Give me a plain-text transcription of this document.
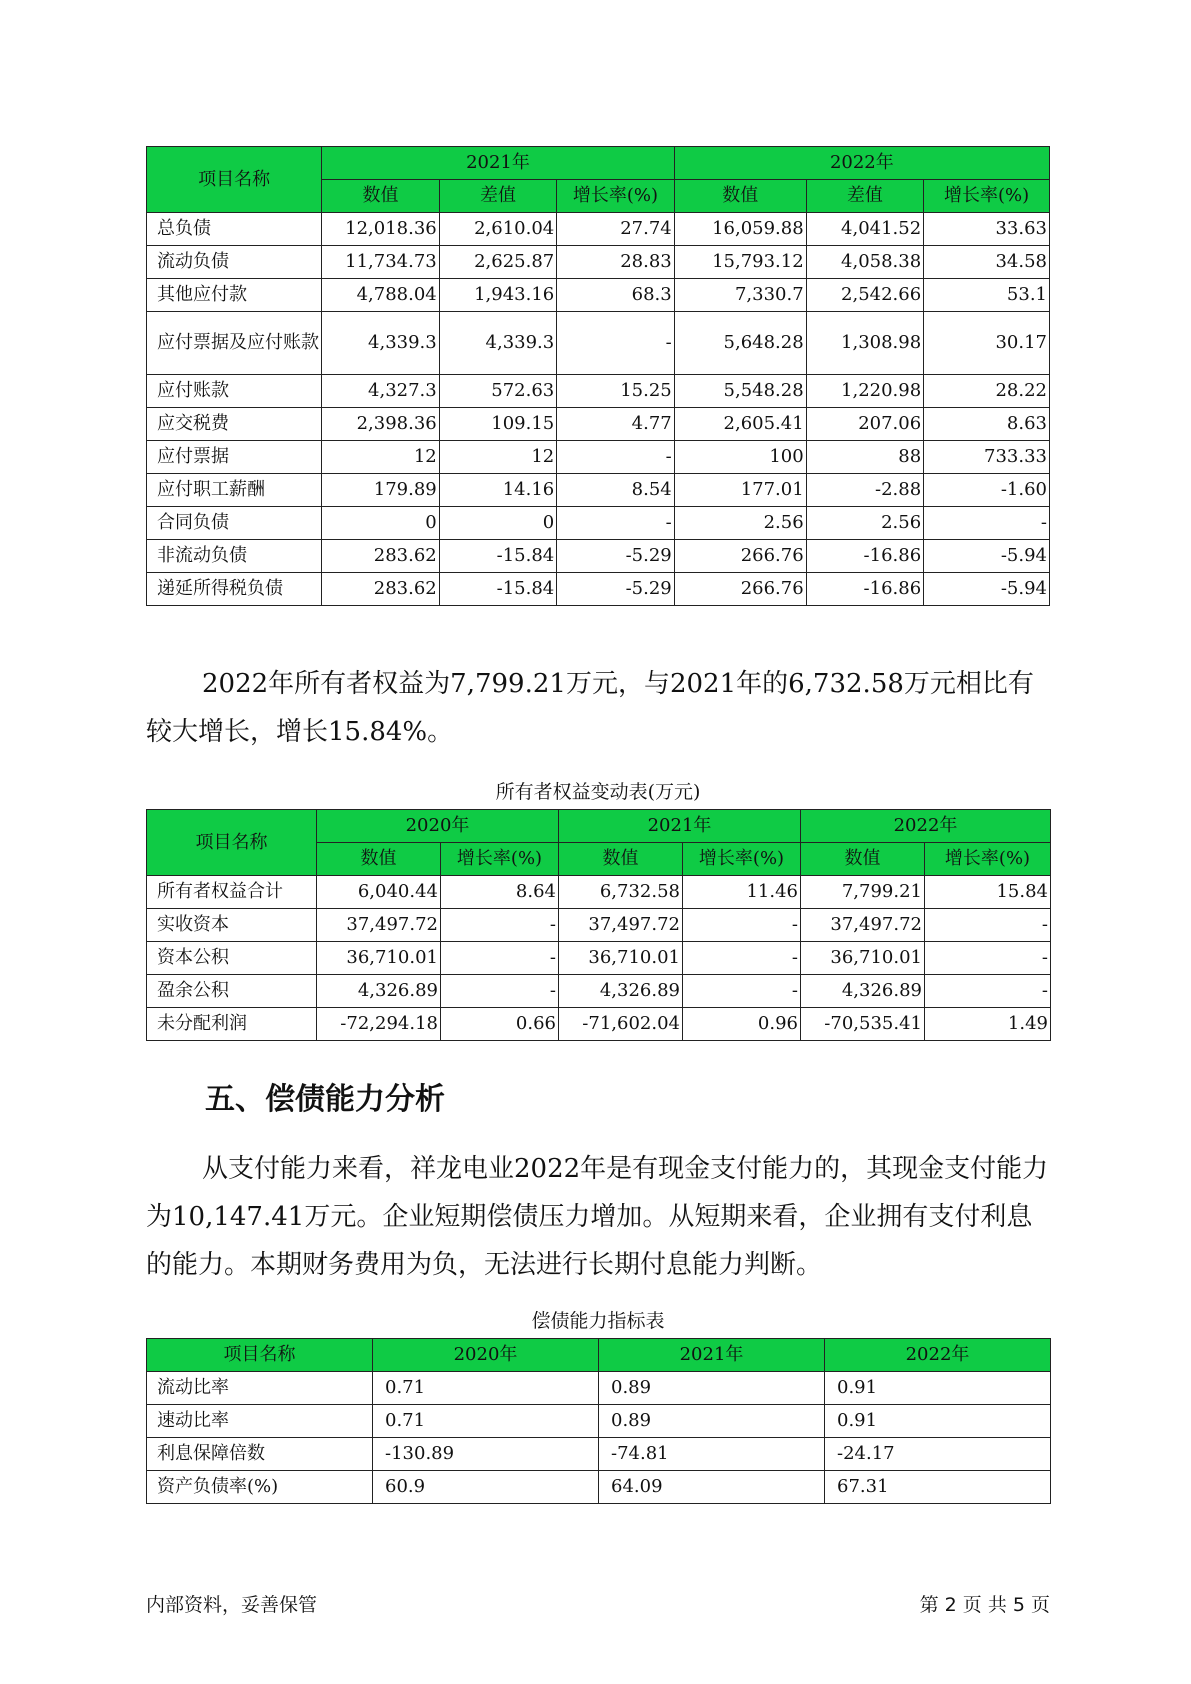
项目名称	2021年			2022年		
	数值	差值	增长率(%)	数值	差值	增长率(%)
总负债	12,018.36	2,610.04	27.74	16,059.88	4,041.52	33.63
流动负债	11,734.73	2,625.87	28.83	15,793.12	4,058.38	34.58
其他应付款	4,788.04	1,943.16	68.3	7,330.7	2,542.66	53.1
应付票据及应付账款	4,339.3	4,339.3	-	5,648.28	1,308.98	30.17
应付账款	4,327.3	572.63	15.25	5,548.28	1,220.98	28.22
应交税费	2,398.36	109.15	4.77	2,605.41	207.06	8.63
应付票据	12	12	-	100	88	733.33
应付职工薪酬	179.89	14.16	8.54	177.01	-2.88	-1.60
合同负债	0	0	-	2.56	2.56	-
非流动负债	283.62	-15.84	-5.29	266.76	-16.86	-5.94
递延所得税负债	283.62	-15.84	-5.29	266.76	-16.86	-5.94

2022年所有者权益为7,799.21万元，与2021年的6,732.58万元相比有较大增长，增长15.84%。

所有者权益变动表(万元)
项目名称	2020年		2021年		2022年	
	数值	增长率(%)	数值	增长率(%)	数值	增长率(%)
所有者权益合计	6,040.44	8.64	6,732.58	11.46	7,799.21	15.84
实收资本	37,497.72	-	37,497.72	-	37,497.72	-
资本公积	36,710.01	-	36,710.01	-	36,710.01	-
盈余公积	4,326.89	-	4,326.89	-	4,326.89	-
未分配利润	-72,294.18	0.66	-71,602.04	0.96	-70,535.41	1.49
五、偿债能力分析

从支付能力来看，祥龙电业2022年是有现金支付能力的，其现金支付能力为10,147.41万元。企业短期偿债压力增加。从短期来看，企业拥有支付利息的能力。本期财务费用为负，无法进行长期付息能力判断。

偿债能力指标表
项目名称	2020年	2021年	2022年
流动比率	0.71	0.89	0.91
速动比率	0.71	0.89	0.91
利息保障倍数	-130.89	-74.81	-24.17
资产负债率(%)	60.9	64.09	67.31
内部资料，妥善保管	第 2 页 共 5 页
